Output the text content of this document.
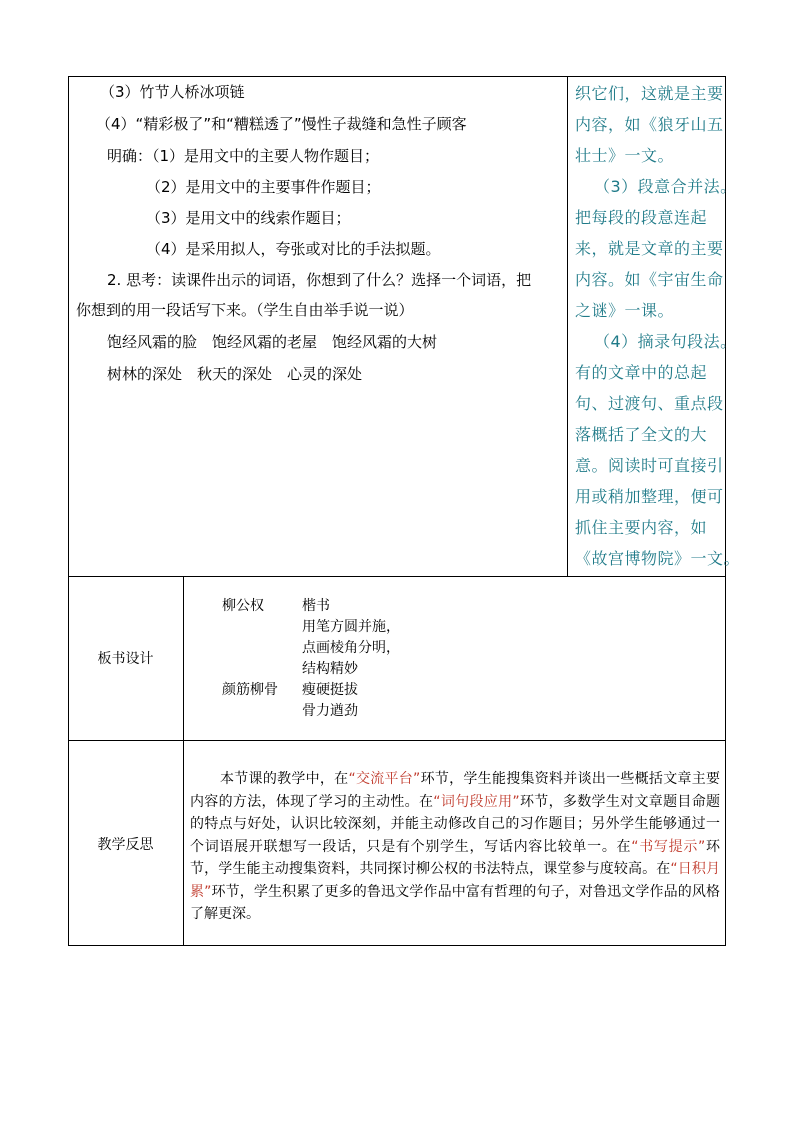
（3）竹节人桥冰项链
（4）“精彩极了”和“糟糕透了”慢性子裁缝和急性子顾客
明确：（1）是用文中的主要人物作题目；
（2）是用文中的主要事件作题目；
（3）是用文中的线索作题目；
（4）是采用拟人，夸张或对比的手法拟题。
2. 思考：读课件出示的词语，你想到了什么？选择一个词语，把
你想到的用一段话写下来。（学生自由举手说一说）
饱经风霜的脸　饱经风霜的老屋　饱经风霜的大树
树林的深处　秋天的深处　心灵的深处
织它们，这就是主要
内容，如《狼牙山五
壮士》一文。
（3）段意合并法。
把每段的段意连起
来，就是文章的主要
内容。如《宇宙生命
之谜》一课。
（4）摘录句段法。
有的文章中的总起
句、过渡句、重点段
落概括了全文的大
意。阅读时可直接引
用或稍加整理，便可
抓住主要内容，如
《故宫博物院》一文。
板书设计
柳公权	楷书
用笔方圆并施，
点画棱角分明，
结构精妙
颜筋柳骨 瘦硬挺拔
骨力遒劲
教学反思

本节课的教学中，在“交流平台”环节，学生能搜集资料并谈出一些概括文章主要内容的方法，体现了学习的主动性。在“词句段应用”环节，多数学生对文章题目命题的特点与好处，认识比较深刻，并能主动修改自己的习作题目；另外学生能够通过一个词语展开联想写一段话，只是有个别学生，写话内容比较单一。在“书写提示”环节，学生能主动搜集资料，共同探讨柳公权的书法特点，课堂参与度较高。在“日积月累”环节，学生积累了更多的鲁迅文学作品中富有哲理的句子，对鲁迅文学作品的风格了解更深。
